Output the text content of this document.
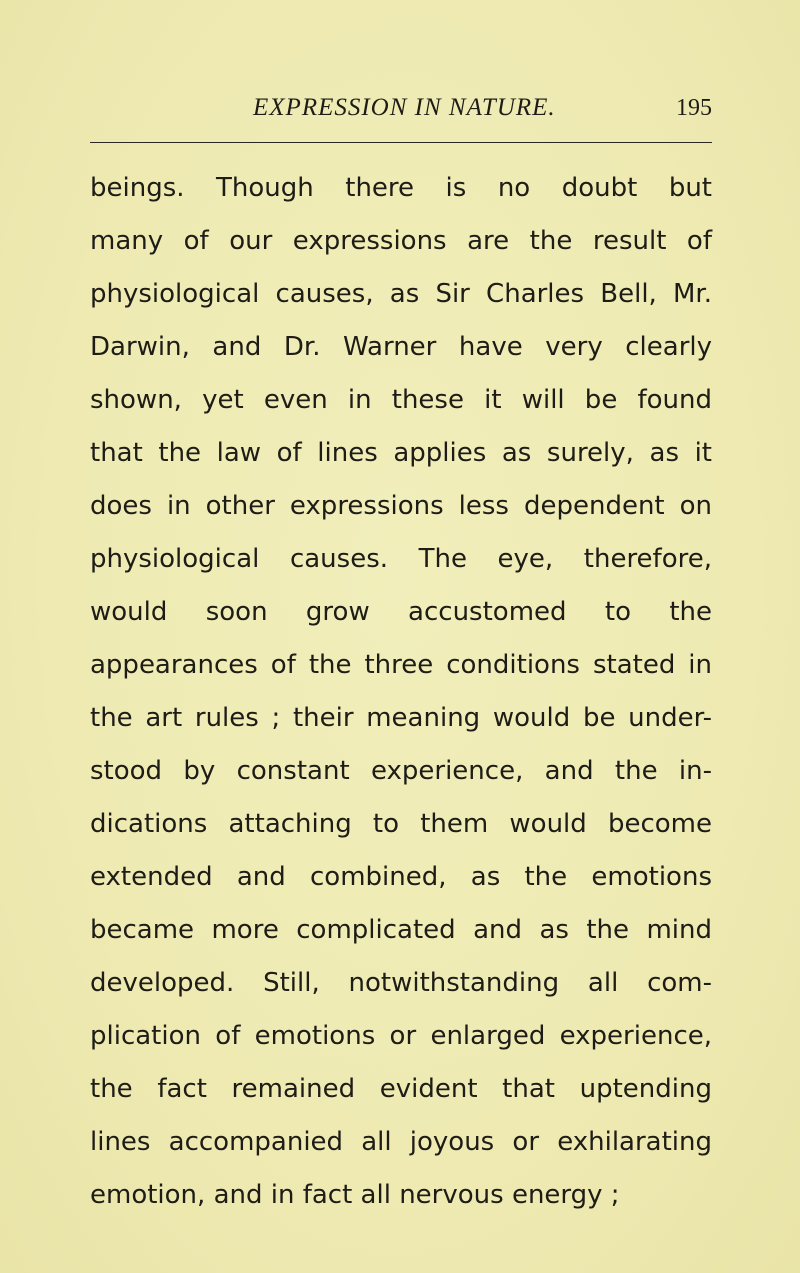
EXPRESSION IN NATURE.	195
beings. Though there is no doubt but
many of our expressions are the result of
physiological causes, as Sir Charles Bell, Mr.
Darwin, and Dr. Warner have very clearly
shown, yet even in these it will be found
that the law of lines applies as surely, as it
does in other expressions less dependent on
physiological causes. The eye, therefore,
would soon grow accustomed to the
appearances of the three conditions stated in
the art rules ; their meaning would be under-
stood by constant experience, and the in-
dications attaching to them would become
extended and combined, as the emotions
became more complicated and as the mind
developed. Still, notwithstanding all com-
plication of emotions or enlarged experience,
the fact remained evident that uptending
lines accompanied all joyous or exhilarating
emotion, and in fact all nervous energy ;
